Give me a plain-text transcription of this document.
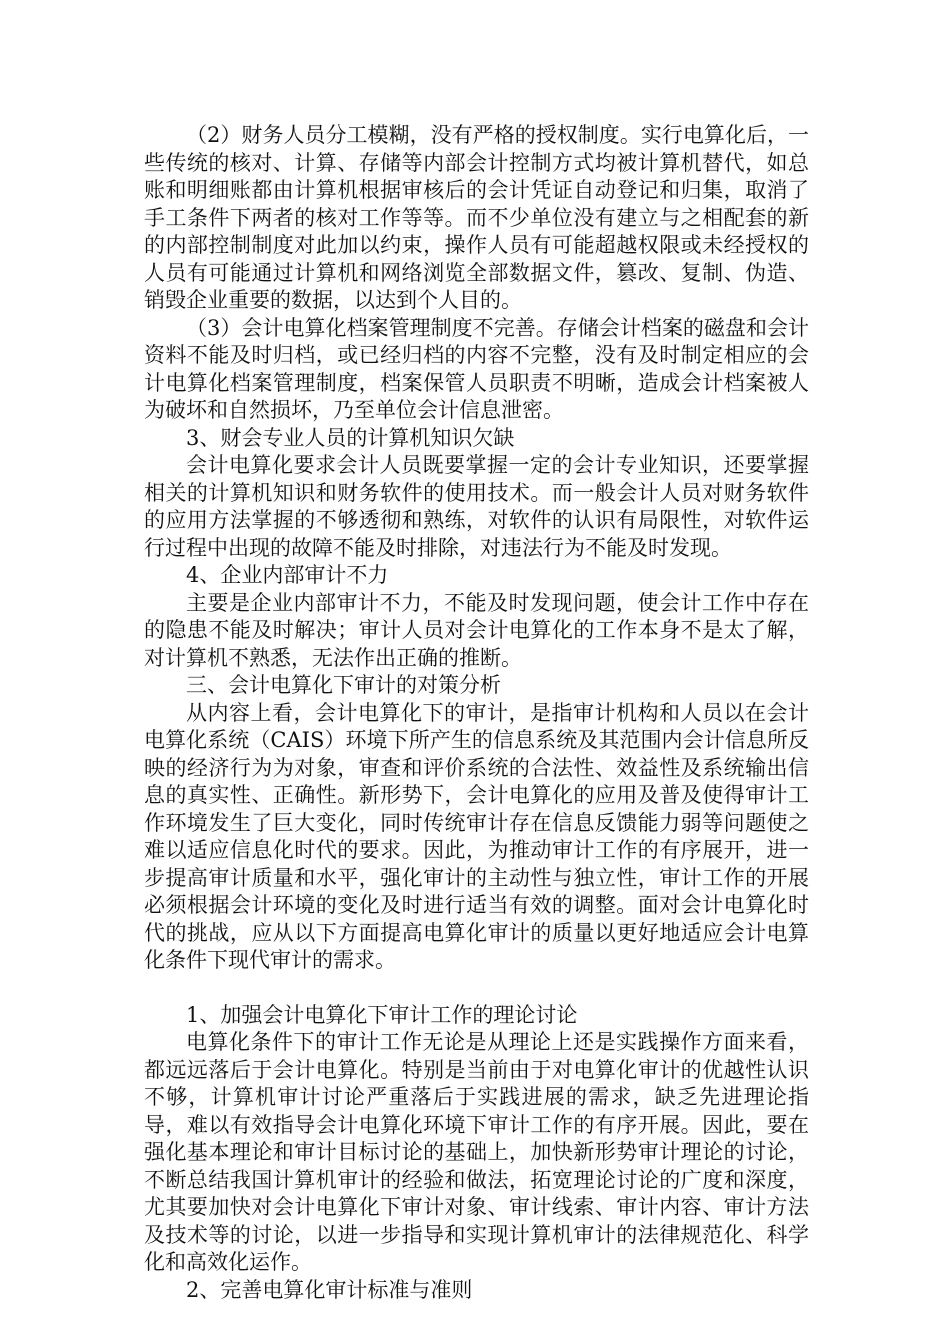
（2）财务人员分工模糊，没有严格的授权制度。实行电算化后，一些传统的核对、计算、存储等内部会计控制方式均被计算机替代，如总账和明细账都由计算机根据审核后的会计凭证自动登记和归集，取消了手工条件下两者的核对工作等等。而不少单位没有建立与之相配套的新的内部控制制度对此加以约束，操作人员有可能超越权限或未经授权的人员有可能通过计算机和网络浏览全部数据文件，篡改、复制、伪造、销毁企业重要的数据，以达到个人目的。

（3）会计电算化档案管理制度不完善。存储会计档案的磁盘和会计资料不能及时归档，或已经归档的内容不完整，没有及时制定相应的会计电算化档案管理制度，档案保管人员职责不明晰，造成会计档案被人为破坏和自然损坏，乃至单位会计信息泄密。

3、财会专业人员的计算机知识欠缺

会计电算化要求会计人员既要掌握一定的会计专业知识，还要掌握相关的计算机知识和财务软件的使用技术。而一般会计人员对财务软件的应用方法掌握的不够透彻和熟练，对软件的认识有局限性，对软件运行过程中出现的故障不能及时排除，对违法行为不能及时发现。

4、企业内部审计不力

主要是企业内部审计不力，不能及时发现问题，使会计工作中存在的隐患不能及时解决；审计人员对会计电算化的工作本身不是太了解，对计算机不熟悉，无法作出正确的推断。

三、会计电算化下审计的对策分析

从内容上看，会计电算化下的审计，是指审计机构和人员以在会计电算化系统（CAIS）环境下所产生的信息系统及其范围内会计信息所反映的经济行为为对象，审查和评价系统的合法性、效益性及系统输出信息的真实性、正确性。新形势下，会计电算化的应用及普及使得审计工作环境发生了巨大变化，同时传统审计存在信息反馈能力弱等问题使之难以适应信息化时代的要求。因此，为推动审计工作的有序展开，进一步提高审计质量和水平，强化审计的主动性与独立性，审计工作的开展必须根据会计环境的变化及时进行适当有效的调整。面对会计电算化时代的挑战，应从以下方面提高电算化审计的质量以更好地适应会计电算化条件下现代审计的需求。

1、加强会计电算化下审计工作的理论讨论

电算化条件下的审计工作无论是从理论上还是实践操作方面来看，都远远落后于会计电算化。特别是当前由于对电算化审计的优越性认识不够，计算机审计讨论严重落后于实践进展的需求，缺乏先进理论指导，难以有效指导会计电算化环境下审计工作的有序开展。因此，要在强化基本理论和审计目标讨论的基础上，加快新形势审计理论的讨论，不断总结我国计算机审计的经验和做法，拓宽理论讨论的广度和深度，尤其要加快对会计电算化下审计对象、审计线索、审计内容、审计方法及技术等的讨论，以进一步指导和实现计算机审计的法律规范化、科学化和高效化运作。

2、完善电算化审计标准与准则
